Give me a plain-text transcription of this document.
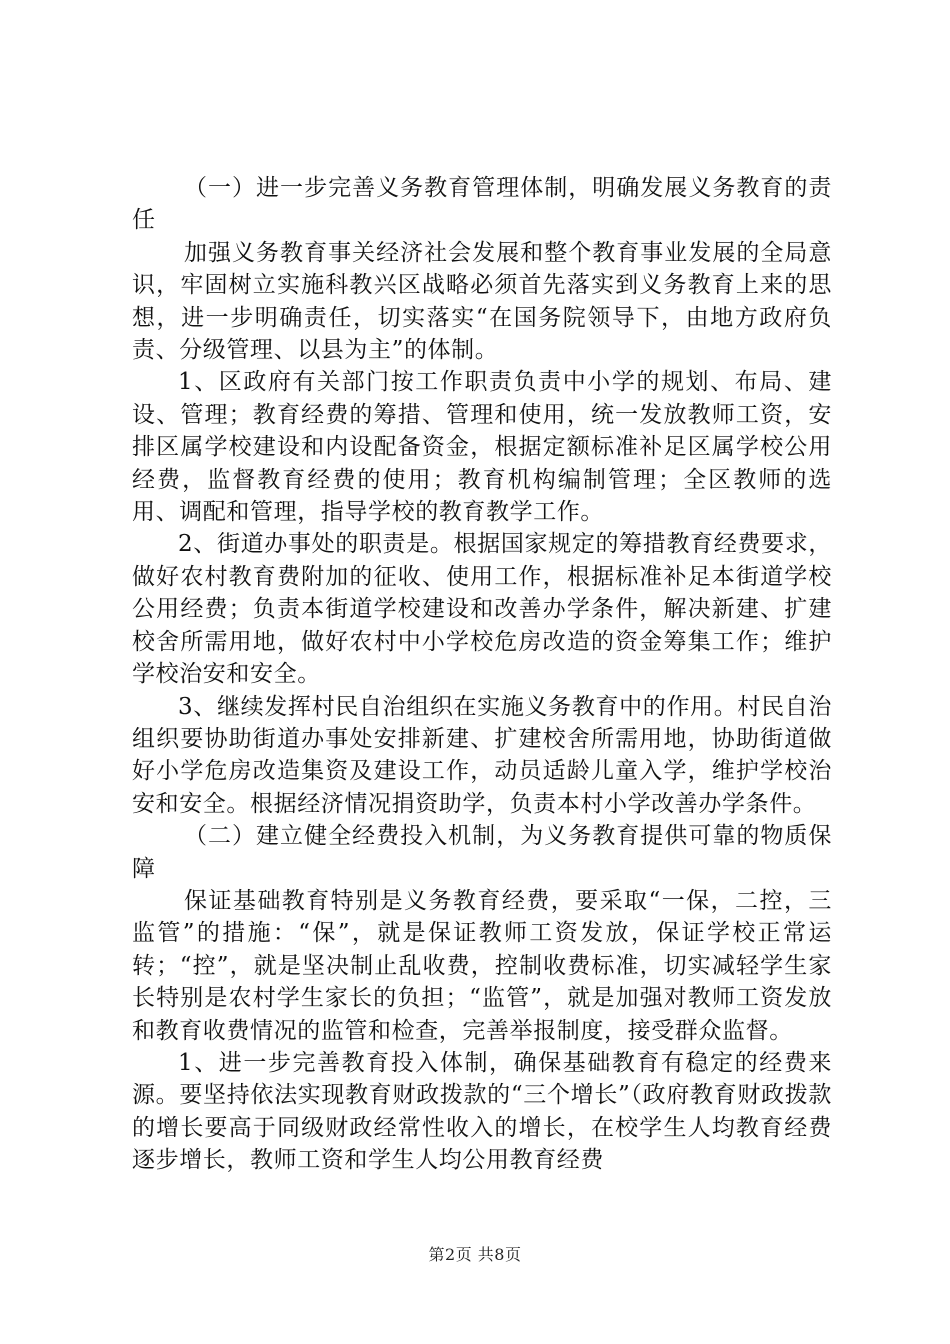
（一）进一步完善义务教育管理体制，明确发展义务教育的责任

加强义务教育事关经济社会发展和整个教育事业发展的全局意识，牢固树立实施科教兴区战略必须首先落实到义务教育上来的思想，进一步明确责任，切实落实“在国务院领导下，由地方政府负责、分级管理、以县为主”的体制。

1、区政府有关部门按工作职责负责中小学的规划、布局、建设、管理；教育经费的筹措、管理和使用，统一发放教师工资，安排区属学校建设和内设配备资金，根据定额标准补足区属学校公用经费，监督教育经费的使用；教育机构编制管理；全区教师的选用、调配和管理，指导学校的教育教学工作。

2、街道办事处的职责是。根据国家规定的筹措教育经费要求，做好农村教育费附加的征收、使用工作，根据标准补足本街道学校公用经费；负责本街道学校建设和改善办学条件，解决新建、扩建校舍所需用地，做好农村中小学校危房改造的资金筹集工作；维护学校治安和安全。

3、继续发挥村民自治组织在实施义务教育中的作用。村民自治组织要协助街道办事处安排新建、扩建校舍所需用地，协助街道做好小学危房改造集资及建设工作，动员适龄儿童入学，维护学校治安和安全。根据经济情况捐资助学，负责本村小学改善办学条件。

（二）建立健全经费投入机制，为义务教育提供可靠的物质保障

保证基础教育特别是义务教育经费，要采取“一保，二控，三监管”的措施：“保”，就是保证教师工资发放，保证学校正常运转；“控”，就是坚决制止乱收费，控制收费标准，切实减轻学生家长特别是农村学生家长的负担；“监管”，就是加强对教师工资发放和教育收费情况的监管和检查，完善举报制度，接受群众监督。

1、进一步完善教育投入体制，确保基础教育有稳定的经费来源。要坚持依法实现教育财政拨款的“三个增长”（政府教育财政拨款的增长要高于同级财政经常性收入的增长，在校学生人均教育经费逐步增长，教师工资和学生人均公用教育经费

第2页 共8页
